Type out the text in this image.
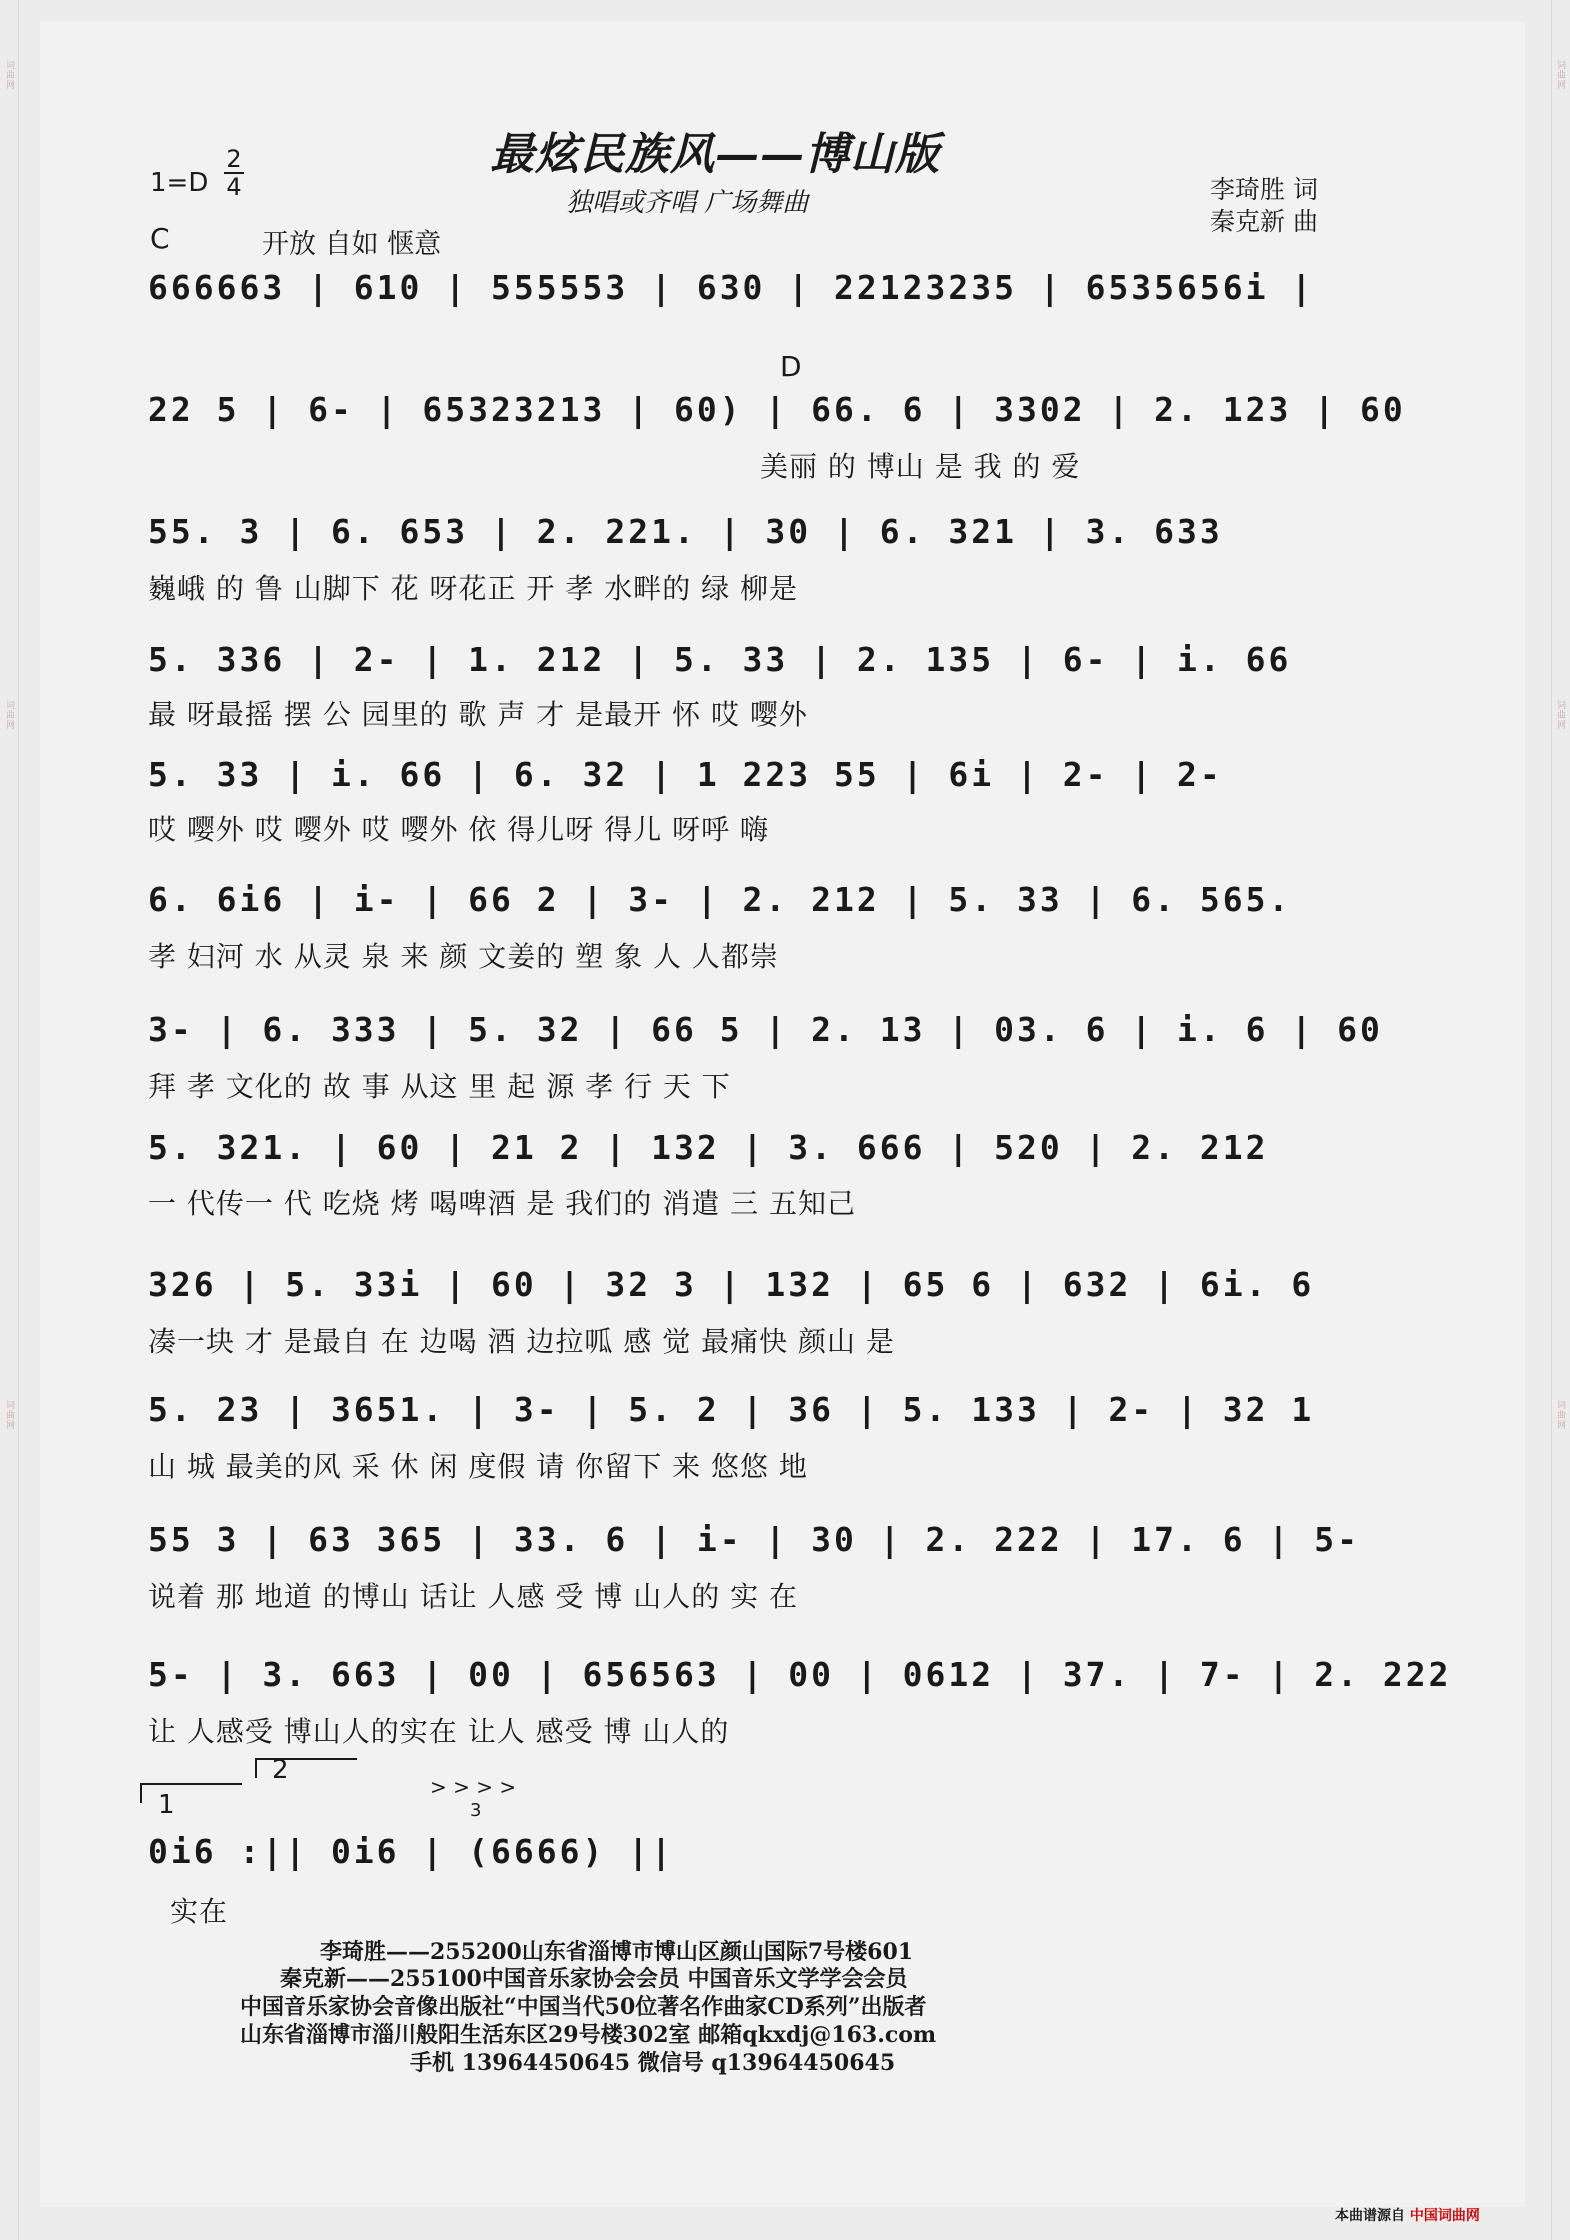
词曲网
词曲网
词曲网
词曲网
词曲网
词曲网
最炫民族风——博山版
独唱或齐唱 广场舞曲
$1=D \frac{2}{4}$	李琦胜 词
秦克新 曲
C	开放 自如 惬意
D
666663 | 610 | 555553 | 630 | 22123235 | 6535656i |
22 5 | 6- | 65323213 | 60) | 66. 6 | 3302 | 2. 123 | 60
美丽 的 博山 是 我 的 爱
55. 3 | 6. 653 | 2. 221. | 30 | 6. 321 | 3. 633
巍峨 的 鲁 山脚下 花 呀花正 开 孝 水畔的 绿 柳是
5. 336 | 2- | 1. 212 | 5. 33 | 2. 135 | 6- | i. 66
最 呀最摇 摆 公 园里的 歌 声 才 是最开 怀 哎 嘤外
5. 33 | i. 66 | 6. 32 | 1 223 55 | 6i | 2- | 2-
哎 嘤外 哎 嘤外 哎 嘤外 依 得儿呀 得儿 呀呼 嗨
6. 6i6 | i- | 66 2 | 3- | 2. 212 | 5. 33 | 6. 565.
孝 妇河 水 从灵 泉 来 颜 文姜的 塑 象 人 人都崇
3- | 6. 333 | 5. 32 | 66 5 | 2. 13 | 03. 6 | i. 6 | 60
拜 孝 文化的 故 事 从这 里 起 源 孝 行 天 下
5. 321. | 60 | 21 2 | 132 | 3. 666 | 520 | 2. 212
一 代传一 代 吃烧 烤 喝啤酒 是 我们的 消遣 三 五知己
326 | 5. 33i | 60 | 32 3 | 132 | 65 6 | 632 | 6i. 6
凑一块 才 是最自 在 边喝 酒 边拉呱 感 觉 最痛快 颜山 是
5. 23 | 3651. | 3- | 5. 2 | 36 | 5. 133 | 2- | 32 1
山 城 最美的风 采 休 闲 度假 请 你留下 来 悠悠 地
55 3 | 63 365 | 33. 6 | i- | 30 | 2. 222 | 17. 6 | 5-
说着 那 地道 的博山 话让 人感 受 博 山人的 实 在
5- | 3. 663 | 00 | 656563 | 00 | 0612 | 37. | 7- | 2. 222
让 人感受 博山人的实在 让人 感受 博 山人的
1
2
> > > >
3
0i6 :|| 0i6 | (6666) ||
实在
李琦胜——255200山东省淄博市博山区颜山国际7号楼601
秦克新——255100中国音乐家协会会员 中国音乐文学学会会员
中国音乐家协会音像出版社“中国当代50位著名作曲家CD系列”出版者
山东省淄博市淄川般阳生活东区29号楼302室 邮箱qkxdj@163.com
手机 13964450645 微信号 q13964450645
本曲谱源自 中国词曲网
